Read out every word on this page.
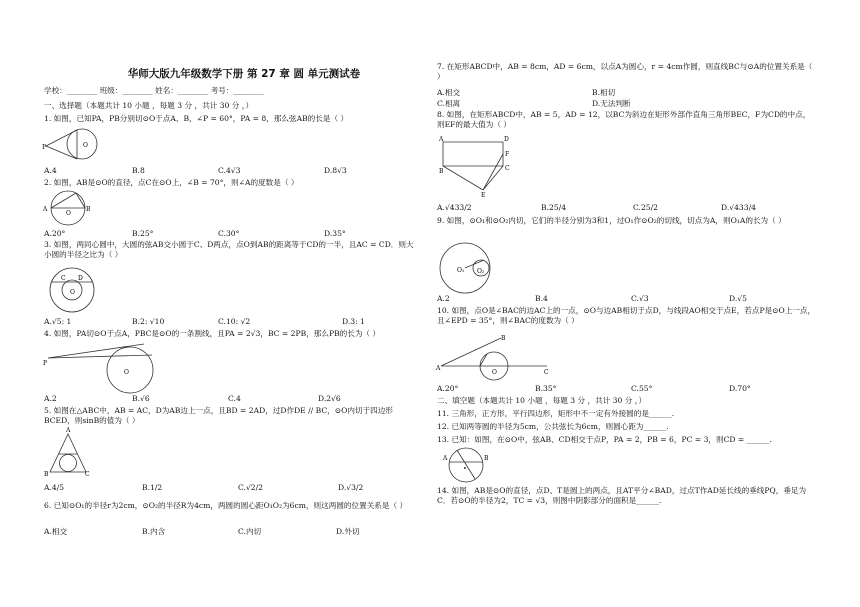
华师大版九年级数学下册 第 27 章 圆 单元测试卷
学校：________ 班级：________ 姓名：________ 考号：________
一、选择题（本题共计 10 小题 ，每题 3 分 ，共计 30 分 ，）
1. 如图，已知PA，PB分别切⊙O于点A、B，∠P = 60°，PA = 8，那么弦AB的长是（ ）
P	O
A.4	B.8	C.4√3	D.8√3
2. 如图，AB是⊙O的直径，点C在⊙O上，∠B = 70°，则∠A的度数是（ ）
A	B
O
A.20°	B.25°	C.30°	D.35°
3. 如图，两同心圆中，大圆的弦AB交小圆于C、D两点，点O到AB的距离等于CD的一半，且AC = CD．则大小圆的半径之比为（ ）
C D
O
A.√5: 1	B.2: √10	C.10: √2	D.3: 1
4. 如图，PA切⊙O于点A，PBC是⊙O的一条割线，且PA = 2√3，BC = 2PB，那么PB的长为（ ）
P
O
A.2	B.√6	C.4	D.2√6
5. 如图在△ABC中，AB = AC，D为AB边上一点，且BD = 2AD，过D作DE // BC，⊙O内切于四边形BCED，则sinB的值为（ ）
A
B	C
A.4/5	B.1/2	C.√2/2	D.√3/2
6. 已知⊙O₁的半径r为2cm，⊙O₂的半径R为4cm，两圆的圆心距O₁O₂为6cm，则这两圆的位置关系是（ ）
A.相交	B.内含	C.内切	D.外切
7. 在矩形ABCD中，AB = 8cm，AD = 6cm，以点A为圆心，r = 4cm作圆，则直线BC与⊙A的位置关系是（ ）
A.相交	B.相切
C.相离	D.无法判断
8. 如图，在矩形ABCD中，AB = 5，AD = 12，以BC为斜边在矩形外部作直角三角形BEC，F为CD的中点，则EF的最大值为（ ）
A	D
F
C
B
E
A.√433/2	B.25/4	C.25/2	D.√433/4
9. 如图，⊙O₁和⊙O₂内切，它们的半径分别为3和1，过O₁作⊙O₂的切线，切点为A，则O₁A的长为（ ）
O₁ O₂
A.2	B.4	C.√3	D.√5
10. 如图，点O是∠BAC的边AC上的一点，⊙O与边AB相切于点D，与线段AO相交于点E，若点P是⊙O上一点，且∠EPD = 35°，则∠BAC的度数为（ ）
A
B
C
O
A.20°	B.35°	C.55°	D.70°
二、填空题（本题共计 10 小题 ，每题 3 分 ，共计 30 分 ，）
11. 三角形，正方形，平行四边形，矩形中不一定有外接圆的是______.
12. 已知两等圆的半径为5cm，公共弦长为6cm，则圆心距为______.
13. 已知：如图，在⊙O中，弦AB、CD相交于点P，PA = 2，PB = 6，PC = 3，则CD = ______.
A	B
14. 如图，AB是⊙O的直径，点D、T是圆上的两点，且AT平分∠BAD，过点T作AD延长线的垂线PQ，垂足为C．若⊙O的半径为2，TC = √3，则图中阴影部分的面积是______.
